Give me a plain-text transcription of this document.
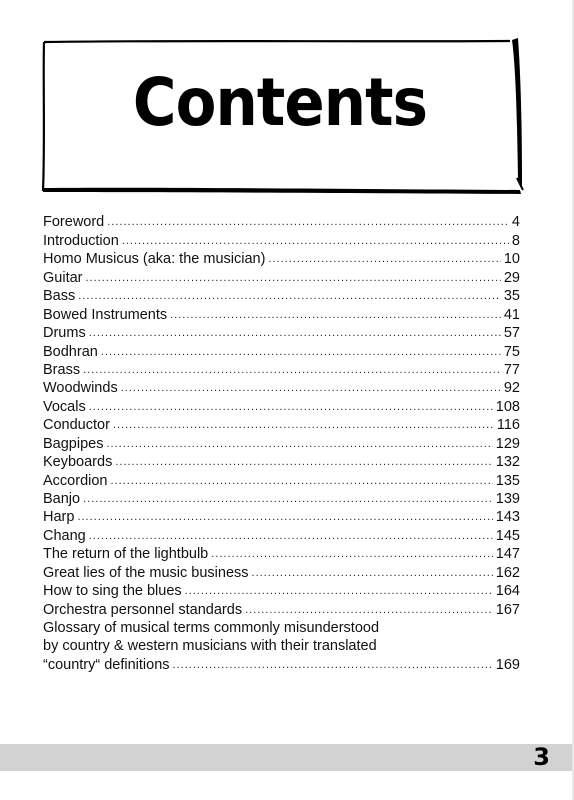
Contents
Foreword .....	4
Introduction .....	8
Homo Musicus (aka: the musician) .....	10
Guitar .....	29
Bass .....	35
Bowed Instruments .....	41
Drums .....	57
Bodhran .....	75
Brass .....	77
Woodwinds .....	92
Vocals .....	108
Conductor .....	116
Bagpipes .....	129
Keyboards .....	132
Accordion .....	135
Banjo .....	139
Harp .....	143
Chang .....	145
The return of the lightbulb .....	147
Great lies of the music business .....	162
How to sing the blues .....	164
Orchestra personnel standards .....	167
Glossary of musical terms commonly misunderstood
by country & western musicians with their translated
“country“ definitions .....	169
3
